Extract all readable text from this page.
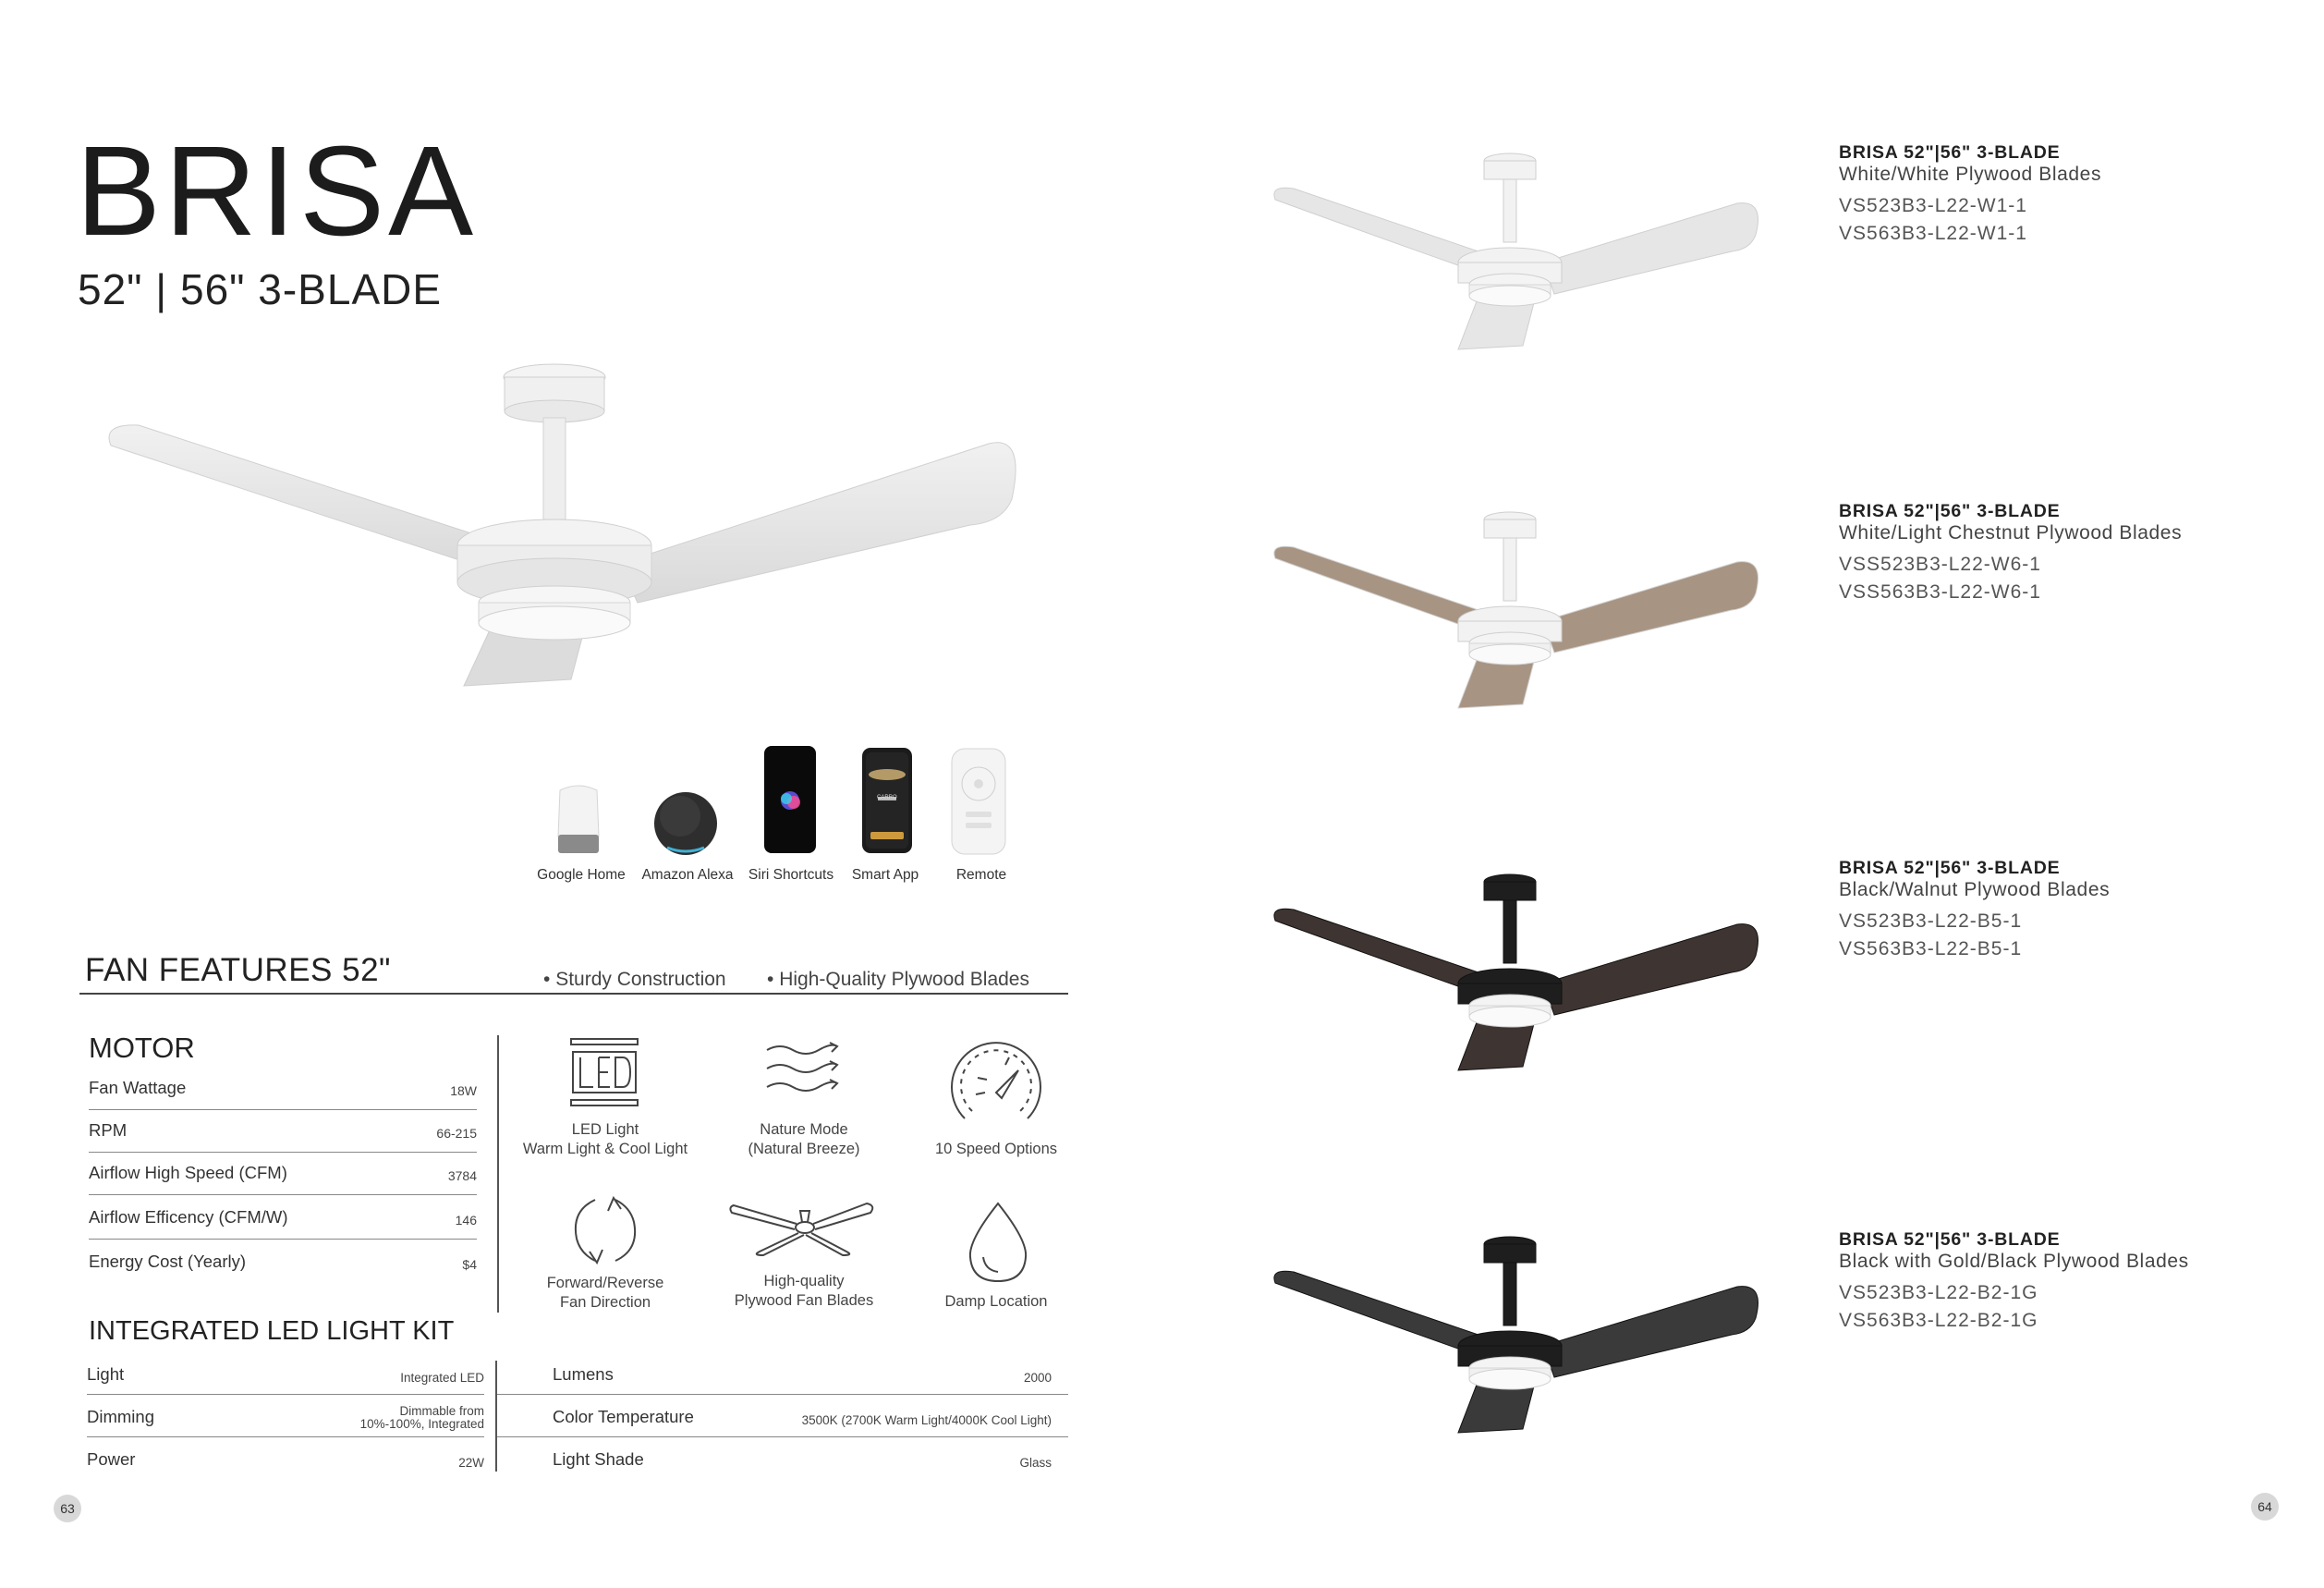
BRISA
52" | 56" 3-BLADE
CARRO
Google Home	Amazon Alexa	Siri Shortcuts	Smart App	Remote
FAN FEATURES 52"	• Sturdy Construction • High-Quality Plywood Blades
MOTOR
Fan Wattage	18W
RPM	66-215
Airflow High Speed (CFM)	3784
Airflow Efficency (CFM/W)	146
Energy Cost (Yearly)	$4
LED Light
Warm Light & Cool Light
Nature Mode
(Natural Breeze)	10 Speed Options
Forward/Reverse
Fan Direction
High-quality
Plywood Fan Blades	Damp Location
INTEGRATED LED LIGHT KIT
Light	Integrated LED
Dimming	Dimmable from
10%-100%, Integrated
Power	22W
Lumens	2000
Color Temperature	3500K (2700K Warm Light/4000K Cool Light)
Light Shade	Glass
63
BRISA 52"|56" 3-BLADE
White/White Plywood Blades
VS523B3-L22-W1-1
VS563B3-L22-W1-1
BRISA 52"|56" 3-BLADE
White/Light Chestnut Plywood Blades
VSS523B3-L22-W6-1
VSS563B3-L22-W6-1
BRISA 52"|56" 3-BLADE
Black/Walnut Plywood Blades
VS523B3-L22-B5-1
VS563B3-L22-B5-1
BRISA 52"|56" 3-BLADE
Black with Gold/Black Plywood Blades
VS523B3-L22-B2-1G
VS563B3-L22-B2-1G
64
